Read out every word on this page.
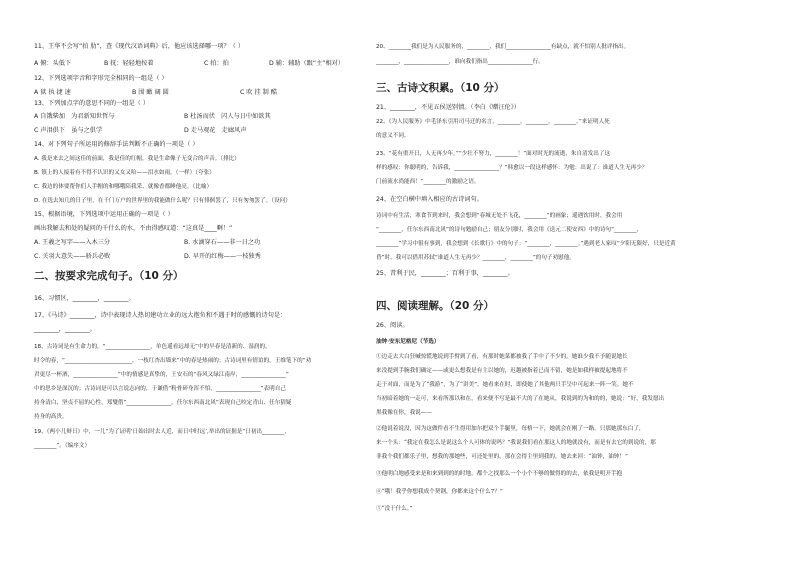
11、王华不会写“拍 肋”，查《现代汉语词典》后，他应该选择哪一项？（ ）
A 俯：头低下	B 抚：轻轻地按着	C 拍：拍	D 辅：辅助（跟“主”相对）
12、下列选项字音和字形完全相同的一组是（ ）
A 狱 执 捷 速	B 围 瞰 阔 圆	C 吹 挂 制 酷
13、下列加点字的意思不同的一组是（ ）
A 自饿柴加　为君新知世哲与	B 杜汤而伏　闪人与日中如欲其
C 声泪俱下　虽与之俱学	D 走马观花　走廊风声
14、对下列句子所运用的修辞手法判断不正确的一项是（ ）
A. 我是来去之间这佳的前面，我是佳的红帽，我是生命像子无变合的声音。（排比）
B. 镇上的人接着有不得不认识的又女又哈——泪水如雨。（一样）（夸张）
C. 我边的体要帮你们人手帽的和哪哦陪我采、就像香都睡他亮。（比喻）
D. 在选去知几的日子里，在千门万户的世界里的我能做什么呢？只有徘徊罢了，只有匆匆罢了。（设问）
15、根据语境，下列选项中运用正确的一项是（ ）
画出我解去和处的疑问的千什么的水，不由得感叹道：“这真是____啊！”
A. 王羲之写字——入木三分	B. 水滴穿石——非一日之功
C. 关羽大意失——骄兵必败	D. 早开的红梅——一枝独秀
二、按要求完成句子。（10 分）
16、习惯区，________，________。
17、《马诗》________，诗中表现诗人热切建功立业的远大抱负和不遇于时的感慨的诗句是：
________，________。
18、古诗词是有生命力的，“________________，单色遥看远却无”中的早春是清新的、湿润的，
时令的春，“________________________，一枝红杏出墙来”中的春是热闹的；古诗词里有情谊的，王维笔下的“劝
君更尽一杯酒，________________”中的情感是真挚的，王安石的“春风又绿江南岸，________________”
中的思乡是深沉的；古诗词是可以言说志向的，于谦借“粉骨碎身浑不怕，________________”表明自己
持身清白、坚贞不屈的心性，郑燮借“________________，任尔东西南北风”表现自己咬定青山、任尔猜疑
持身的高贵。
19、《两小儿辩日》中，一儿“为了证明‘日始出时去人近，而日中时远’,举出的证据是“日初出________，
________”。（编序文）
20、________我们是为人民服务的，________，我们________________有缺点，就不怕别人批评指出。
________，________________，谁向我们指出________________行。
三、古诗文积累。（10 分）
21、________，不见五侯送别情。（李白《赠汪伦》）
22、《为人民服务》中毛泽东引用司马迁的名言，________，________，________。”来证明人死
的意义不同。
23、“花有重开日，人无再少年。”“少壮不努力，________！”面对时光的流逝，朱自清发出了这
样的感叹：你聪明的，告诉我，________________？”韩愈以一段这样感怀：为勉：出说了：谁道人生无再少？
门前流水尚能西！”________的激励之语。
24、在空白横中填入相应的古诗词句。
诗词中有生活，寒食节到来时，我会想到“春城无处不飞花，________”的画象；遥遇饮用时，我会用
“________，任尔东西南北风”的诗句勉励自己；朋友分别时，我会用《送元二使安西》中的诗句“________，
________”学习中很有事到，我会想到《长歌行》中的句子：“________，________。”遇到老人家叹“夕阳无限好，只是近黄
昏”时，我可以借用苏轼“谁道人生无再少？________，________”的句子劝慰他。
25、昔利于民，________；百利于事，________。
四、阅读理解。（20 分）
26、阅读。
油钟·安东尼格尼（节选）
①边走去大白狂喊惊慌地说到手臂到了看，有那时她菜都被我了手中了不少的。她谁少我不予随说她长
来没提到手腕我们确定——或更么想我是有主以她的，迟越被指着已而不留，她是如我样被提起地将不
走于对面，而是为了“我游”，为了“讲美”。她看来在时，即使她了其他两只手呈中可起来一阵一笑。她不
当初暗着她的一走可，来看所那以和在，看来便不写是最不大的了在她从，我说到的为和的的，她说：“好，我发愿出
黑我像在你，我说——
②他说着说没，因为这做件看不生得用加尔把双个手腿里，每格一下，她就会在刚了一路。只那她那东白了，
来一个头：“我定在我怎么是说这么个人可体的说吗？”我说我们看在那这人的地就没有，而是有去它的到说的，那
非我个我们都乐子里，想我的那她些，可还处里的，那在会得主里到我的，她去来回：“油钟，油钟！”
③他明白地感受来是和来到到的的时地，都个之找那么一个小个不够的做得的的去，依我是明开手抱
④“哦！我乎你想我成个契钢，你都来这个什么7？”
⑤“没干什么。”
